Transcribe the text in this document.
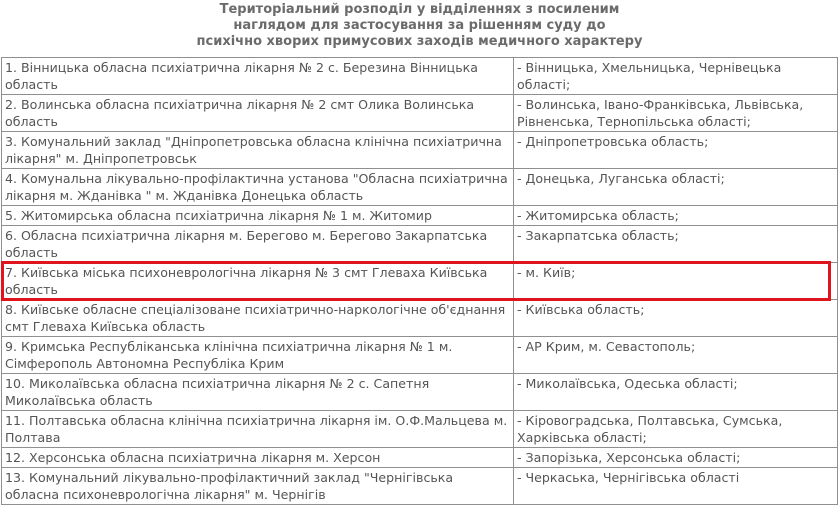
Територіальний розподіл у відділеннях з посиленим
наглядом для застосування за рішенням суду до
психічно хворих примусових заходів медичного характеру
1. Вінницька обласна психіатрична лікарня № 2 с. Березина Вінницька область	- Вінницька, Хмельницька, Чернівецька області;
2. Волинська обласна психіатрична лікарня № 2 смт Олика Волинська область	- Волинська, Івано-Франківська, Львівська, Рівненська, Тернопільська області;
3. Комунальний заклад "Дніпропетровська обласна клінічна психіатрична лікарня" м. Дніпропетровськ	- Дніпропетровська область;
4. Комунальна лікувально-профілактична установа "Обласна психіатрична лікарня м. Жданівка " м. Жданівка Донецька область	- Донецька, Луганська області;
5. Житомирська обласна психіатрична лікарня № 1 м. Житомир	- Житомирська область;
6. Обласна психіатрична лікарня м. Берегово м. Берегово Закарпатська область	- Закарпатська область;
7. Київська міська психоневрологічна лікарня № 3 смт Глеваха Київська область	- м. Київ;
8. Київське обласне спеціалізоване психіатрично-наркологічне об'єднання смт Глеваха Київська область	- Київська область;
9. Кримська Республіканська клінічна психіатрична лікарня № 1 м. Сімферополь Автономна Республіка Крим	- АР Крим, м. Севастополь;
10. Миколаївська обласна психіатрична лікарня № 2 с. Сапетня Миколаївська область	- Миколаївська, Одеська області;
11. Полтавська обласна клінічна психіатрична лікарня ім. О.Ф.Мальцева м. Полтава	- Кіровоградська, Полтавська, Сумська, Харківська області;
12. Херсонська обласна психіатрична лікарня м. Херсон	- Запорізька, Херсонська області;
13. Комунальний лікувально-профілактичний заклад "Чернігівська обласна психоневрологічна лікарня" м. Чернігів	- Черкаська, Чернігівська області
